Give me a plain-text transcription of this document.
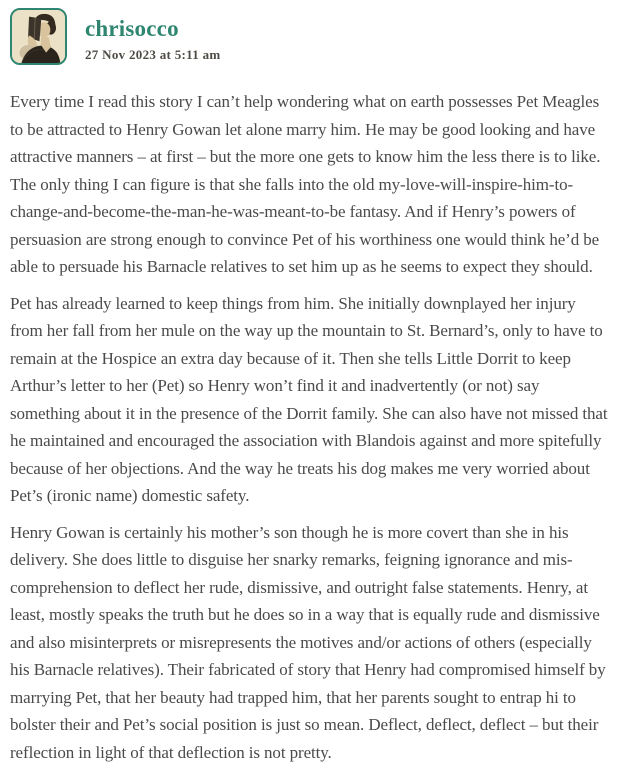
chrisocco
27 Nov 2023 at 5:11 am

Every time I read this story I can’t help wondering what on earth possesses Pet Meagles to be attracted to Henry Gowan let alone marry him. He may be good looking and have attractive manners – at first – but the more one gets to know him the less there is to like. The only thing I can figure is that she falls into the old my-love-will-inspire-him-to-change-and-become-the-man-he-was-meant-to-be fantasy. And if Henry’s powers of persuasion are strong enough to convince Pet of his worthiness one would think he’d be able to persuade his Barnacle relatives to set him up as he seems to expect they should.

Pet has already learned to keep things from him. She initially downplayed her injury from her fall from her mule on the way up the mountain to St. Bernard’s, only to have to remain at the Hospice an extra day because of it. Then she tells Little Dorrit to keep Arthur’s letter to her (Pet) so Henry won’t find it and inadvertently (or not) say something about it in the presence of the Dorrit family. She can also have not missed that he maintained and encouraged the association with Blandois against and more spitefully because of her objections. And the way he treats his dog makes me very worried about Pet’s (ironic name) domestic safety.

Henry Gowan is certainly his mother’s son though he is more covert than she in his delivery. She does little to disguise her snarky remarks, feigning ignorance and miscomprehension to deflect her rude, dismissive, and outright false statements. Henry, at least, mostly speaks the truth but he does so in a way that is equally rude and dismissive and also misinterprets or misrepresents the motives and/or actions of others (especially his Barnacle relatives). Their fabricated of story that Henry had compromised himself by marrying Pet, that her beauty had trapped him, that her parents sought to entrap hi to bolster their and Pet’s social position is just so mean. Deflect, deflect, deflect – but their reflection in light of that deflection is not pretty.
